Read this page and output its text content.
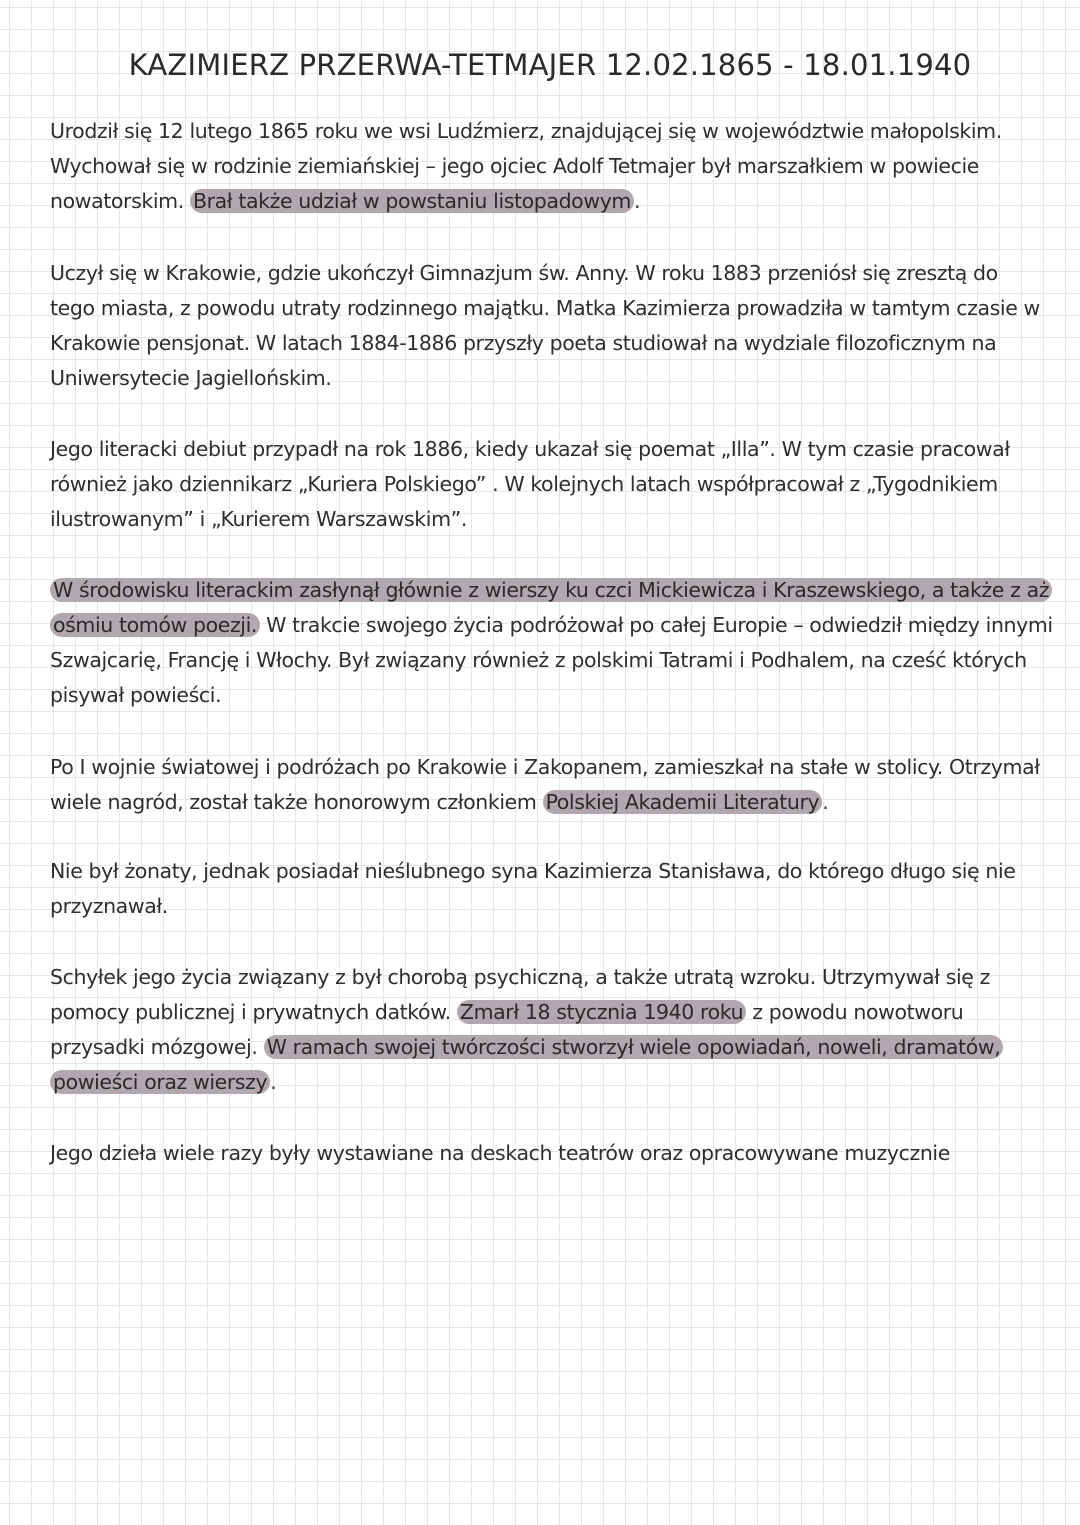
KAZIMIERZ PRZERWA-TETMAJER 12.02.1865 - 18.01.1940
Urodził się 12 lutego 1865 roku we wsi Ludźmierz, znajdującej się w województwie małopolskim.
Wychował się w rodzinie ziemiańskiej – jego ojciec Adolf Tetmajer był marszałkiem w powiecie
nowatorskim. Brał także udział w powstaniu listopadowym .
Uczył się w Krakowie, gdzie ukończył Gimnazjum św. Anny. W roku 1883 przeniósł się zresztą do
tego miasta, z powodu utraty rodzinnego majątku. Matka Kazimierza prowadziła w tamtym czasie w
Krakowie pensjonat. W latach 1884-1886 przyszły poeta studiował na wydziale filozoficznym na
Uniwersytecie Jagiellońskim.
Jego literacki debiut przypadł na rok 1886, kiedy ukazał się poemat „Illa”. W tym czasie pracował
również jako dziennikarz „Kuriera Polskiego” . W kolejnych latach współpracował z „Tygodnikiem
ilustrowanym” i „Kurierem Warszawskim”.
W środowisku literackim zasłynął głównie z wierszy ku czci Mickiewicza i Kraszewskiego, a także z aż
ośmiu tomów poezji. W trakcie swojego życia podróżował po całej Europie – odwiedził między innymi
Szwajcarię, Francję i Włochy. Był związany również z polskimi Tatrami i Podhalem, na cześć których
pisywał powieści.
Po I wojnie światowej i podróżach po Krakowie i Zakopanem, zamieszkał na stałe w stolicy. Otrzymał
wiele nagród, został także honorowym członkiem Polskiej Akademii Literatury .
Nie był żonaty, jednak posiadał nieślubnego syna Kazimierza Stanisława, do którego długo się nie
przyznawał.
Schyłek jego życia związany z był chorobą psychiczną, a także utratą wzroku. Utrzymywał się z
pomocy publicznej i prywatnych datków. Zmarł 18 stycznia 1940 roku z powodu nowotworu
przysadki mózgowej. W ramach swojej twórczości stworzył wiele opowiadań, noweli, dramatów,
powieści oraz wierszy .
Jego dzieła wiele razy były wystawiane na deskach teatrów oraz opracowywane muzycznie
